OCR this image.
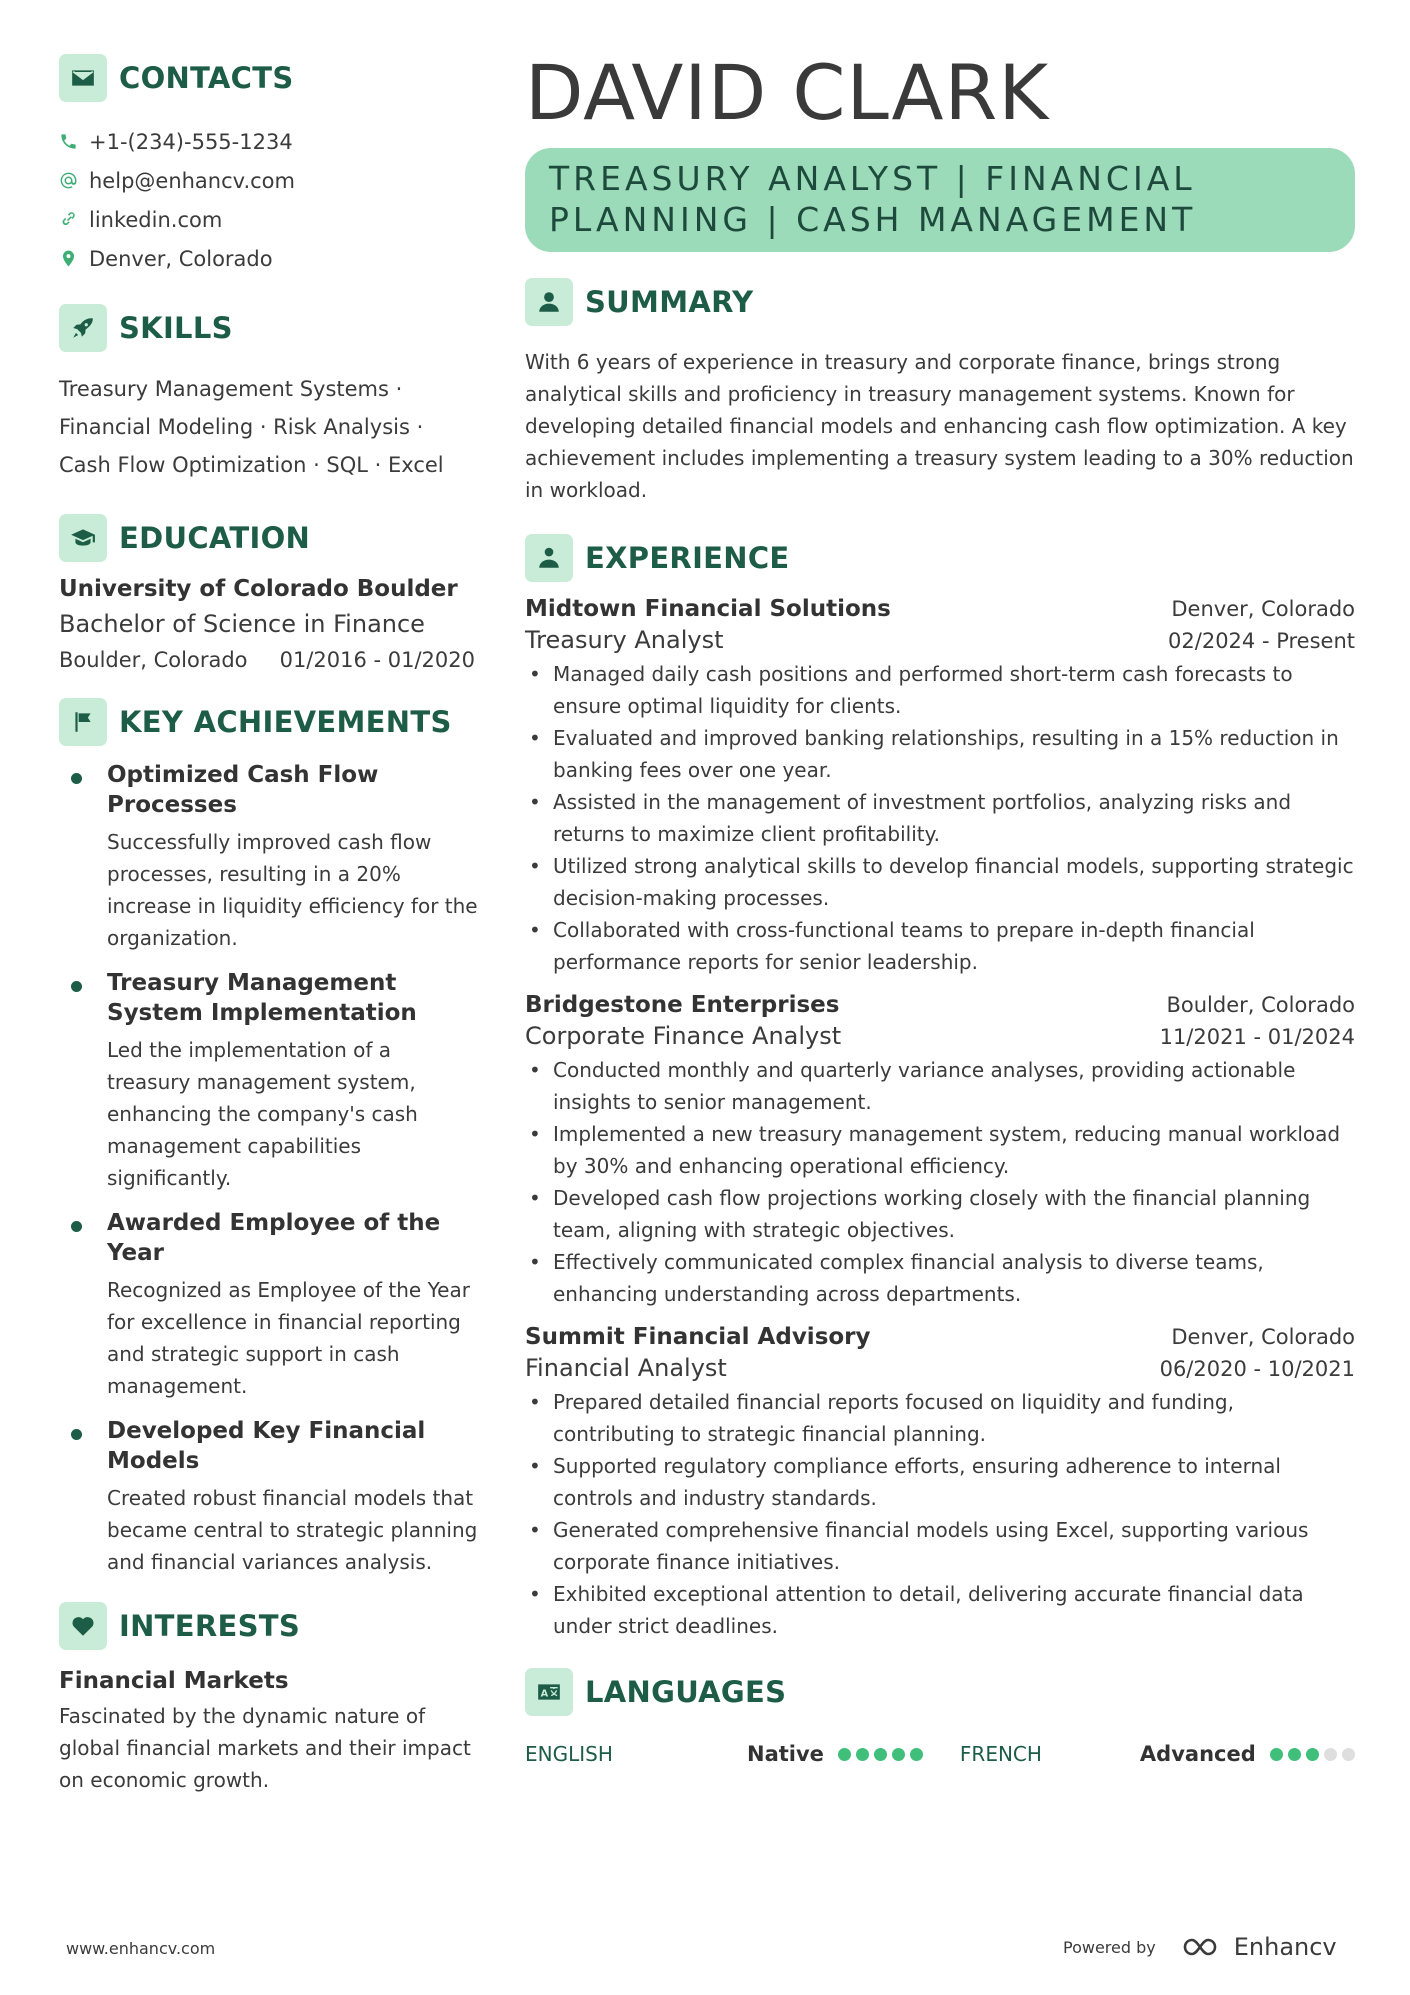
CONTACTS
+1-(234)-555-1234
help@enhancv.com
linkedin.com
Denver, Colorado
SKILLS
Treasury Management Systems ·
Financial Modeling · Risk Analysis ·
Cash Flow Optimization · SQL · Excel
EDUCATION
University of Colorado Boulder
Bachelor of Science in Finance
Boulder, Colorado 01/2016 - 01/2020
KEY ACHIEVEMENTS
Optimized Cash Flow Processes
Successfully improved cash flow processes, resulting in a 20% increase in liquidity efficiency for the organization.
Treasury Management System Implementation
Led the implementation of a treasury management system, enhancing the company's cash management capabilities significantly.
Awarded Employee of the Year
Recognized as Employee of the Year for excellence in financial reporting and strategic support in cash management.
Developed Key Financial Models
Created robust financial models that became central to strategic planning and financial variances analysis.
INTERESTS
Financial Markets
Fascinated by the dynamic nature of global financial markets and their impact on economic growth.
DAVID CLARK
TREASURY ANALYST | FINANCIAL
PLANNING | CASH MANAGEMENT
SUMMARY
With 6 years of experience in treasury and corporate finance, brings strong analytical skills and proficiency in treasury management systems. Known for developing detailed financial models and enhancing cash flow optimization. A key achievement includes implementing a treasury system leading to a 30% reduction in workload.
EXPERIENCE
Midtown Financial Solutions	Denver, Colorado
Treasury Analyst	02/2024 - Present
• Managed daily cash positions and performed short-term cash forecasts to ensure optimal liquidity for clients.
• Evaluated and improved banking relationships, resulting in a 15% reduction in banking fees over one year.
• Assisted in the management of investment portfolios, analyzing risks and returns to maximize client profitability.
• Utilized strong analytical skills to develop financial models, supporting strategic decision-making processes.
• Collaborated with cross-functional teams to prepare in-depth financial performance reports for senior leadership.
Bridgestone Enterprises	Boulder, Colorado
Corporate Finance Analyst	11/2021 - 01/2024
• Conducted monthly and quarterly variance analyses, providing actionable insights to senior management.
• Implemented a new treasury management system, reducing manual workload by 30% and enhancing operational efficiency.
• Developed cash flow projections working closely with the financial planning team, aligning with strategic objectives.
• Effectively communicated complex financial analysis to diverse teams, enhancing understanding across departments.
Summit Financial Advisory	Denver, Colorado
Financial Analyst	06/2020 - 10/2021
• Prepared detailed financial reports focused on liquidity and funding, contributing to strategic financial planning.
• Supported regulatory compliance efforts, ensuring adherence to internal controls and industry standards.
• Generated comprehensive financial models using Excel, supporting various corporate finance initiatives.
• Exhibited exceptional attention to detail, delivering accurate financial data under strict deadlines.
A LANGUAGES
ENGLISH	Native	FRENCH	Advanced
www.enhancv.com	Powered by	Enhancv
